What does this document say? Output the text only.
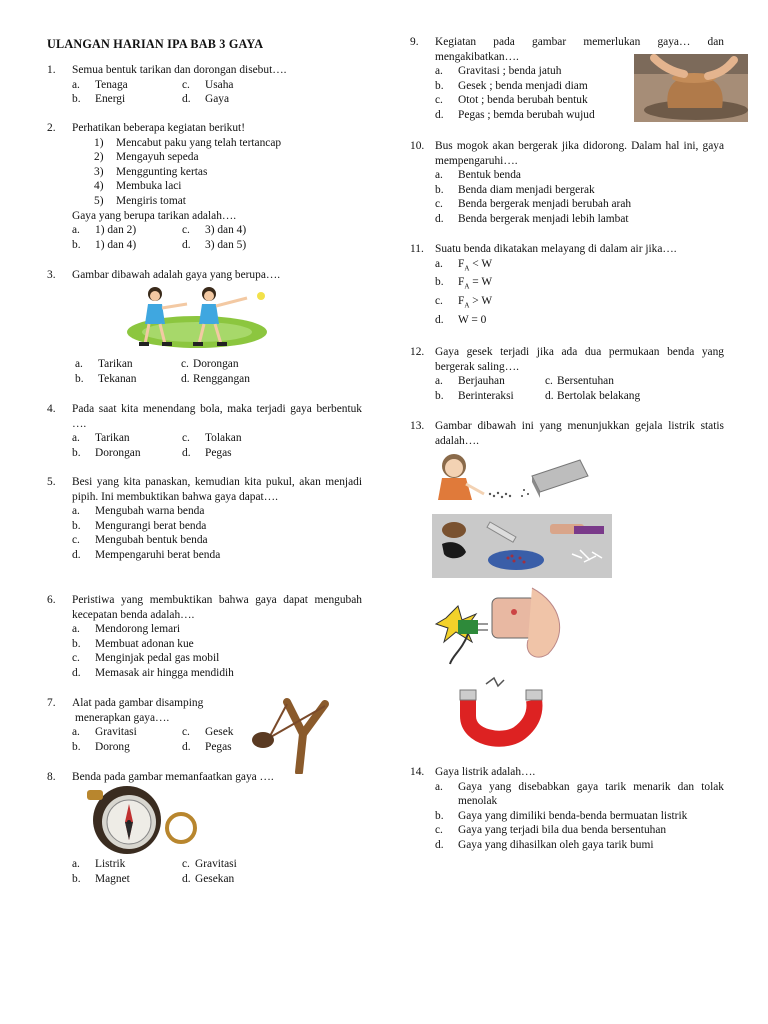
ULANGAN HARIAN IPA BAB 3 GAYA
1.	Semua bentuk tarikan dan dorongan disebut….
a.	Tenaga	c.	Usaha
b.	Energi	d.	Gaya
2.	Perhatikan beberapa kegiatan berikut!
1)	Mencabut paku yang telah tertancap
2)	Mengayuh sepeda
3)	Menggunting kertas
4)	Membuka laci
5)	Mengiris tomat
Gaya yang berupa tarikan adalah….
a.	1) dan 2)	c.	3) dan 4)
b.	1) dan 4)	d.	3) dan 5)
3.	Gambar dibawah adalah gaya yang berupa….
a.	Tarikan	c. Dorongan
b.	Tekanan	d. Renggangan
4.	Pada saat kita menendang bola, maka terjadi gaya berbentuk ….
a.	Tarikan	c.	Tolakan
b.	Dorongan	d.	Pegas
5.	Besi yang kita panaskan, kemudian kita pukul, akan menjadi pipih. Ini membuktikan bahwa gaya dapat….
a.	Mengubah warna benda
b.	Mengurangi berat benda
c.	Mengubah bentuk benda
d.	Mempengaruhi berat benda
6.	Peristiwa yang membuktikan bahwa gaya dapat mengubah kecepatan benda adalah….
a.	Mendorong lemari
b.	Membuat adonan kue
c.	Menginjak pedal gas mobil
d.	Memasak air hingga mendidih
7.	Alat pada gambar disamping
menerapkan gaya….
a.	Gravitasi	c.	Gesek
b.	Dorong	d.	Pegas
8.	Benda pada gambar memanfaatkan gaya ….
a.	Listrik	c. Gravitasi
b.	Magnet	d. Gesekan
9.	Kegiatan pada gambar memerlukan gaya… dan mengakibatkan….
a.	Gravitasi ; benda jatuh
b.	Gesek ; benda menjadi diam
c.	Otot ; benda berubah bentuk
d.	Pegas ; bemda berubah wujud
10. Bus mogok akan bergerak jika didorong. Dalam hal ini, gaya mempengaruhi….
a.	Bentuk benda
b.	Benda diam menjadi bergerak
c.	Benda bergerak menjadi berubah arah
d.	Benda bergerak menjadi lebih lambat
11. Suatu benda dikatakan melayang di dalam air jika….
a.	$F_A < W$
b.	$F_A = W$
c.	$F_A > W$
d.	W = 0
12. Gaya gesek terjadi jika ada dua permukaan benda yang bergerak saling….
a.	Berjauhan	c. Bersentuhan
b.	Berinteraksi	d. Bertolak belakang
13. Gambar dibawah ini yang menunjukkan gejala listrik statis adalah….
14. Gaya listrik adalah….
a.	Gaya yang disebabkan gaya tarik menarik dan tolak menolak
b.	Gaya yang dimiliki benda-benda bermuatan listrik
c.	Gaya yang terjadi bila dua benda bersentuhan
d.	Gaya yang dihasilkan oleh gaya tarik bumi
